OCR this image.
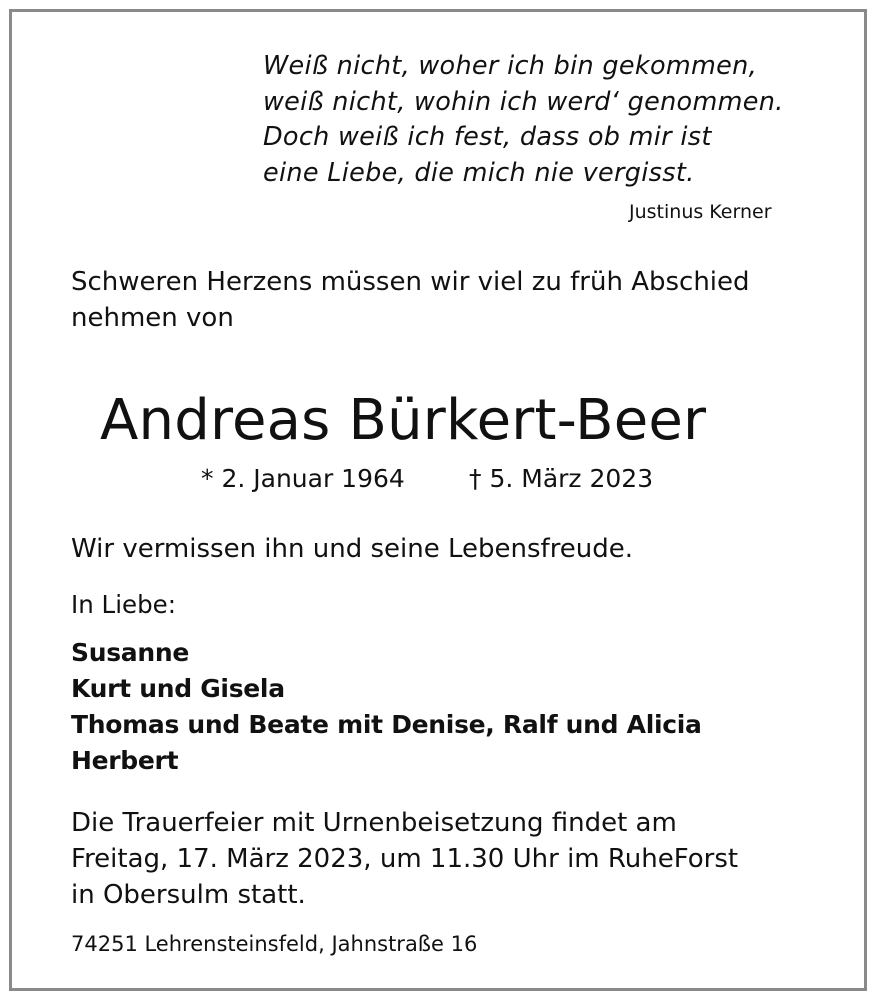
Weiß nicht, woher ich bin gekommen,
weiß nicht, wohin ich werd‘ genommen.
Doch weiß ich fest, dass ob mir ist
eine Liebe, die mich nie vergisst.
Justinus Kerner
Schweren Herzens müssen wir viel zu früh Abschied
nehmen von
Andreas Bürkert-Beer
* 2. Januar 1964	† 5. März 2023
Wir vermissen ihn und seine Lebensfreude.
In Liebe:
Susanne
Kurt und Gisela
Thomas und Beate mit Denise, Ralf und Alicia
Herbert
Die Trauerfeier mit Urnenbeisetzung findet am
Freitag, 17. März 2023, um 11.30 Uhr im RuheForst
in Obersulm statt.
74251 Lehrensteinsfeld, Jahnstraße 16
